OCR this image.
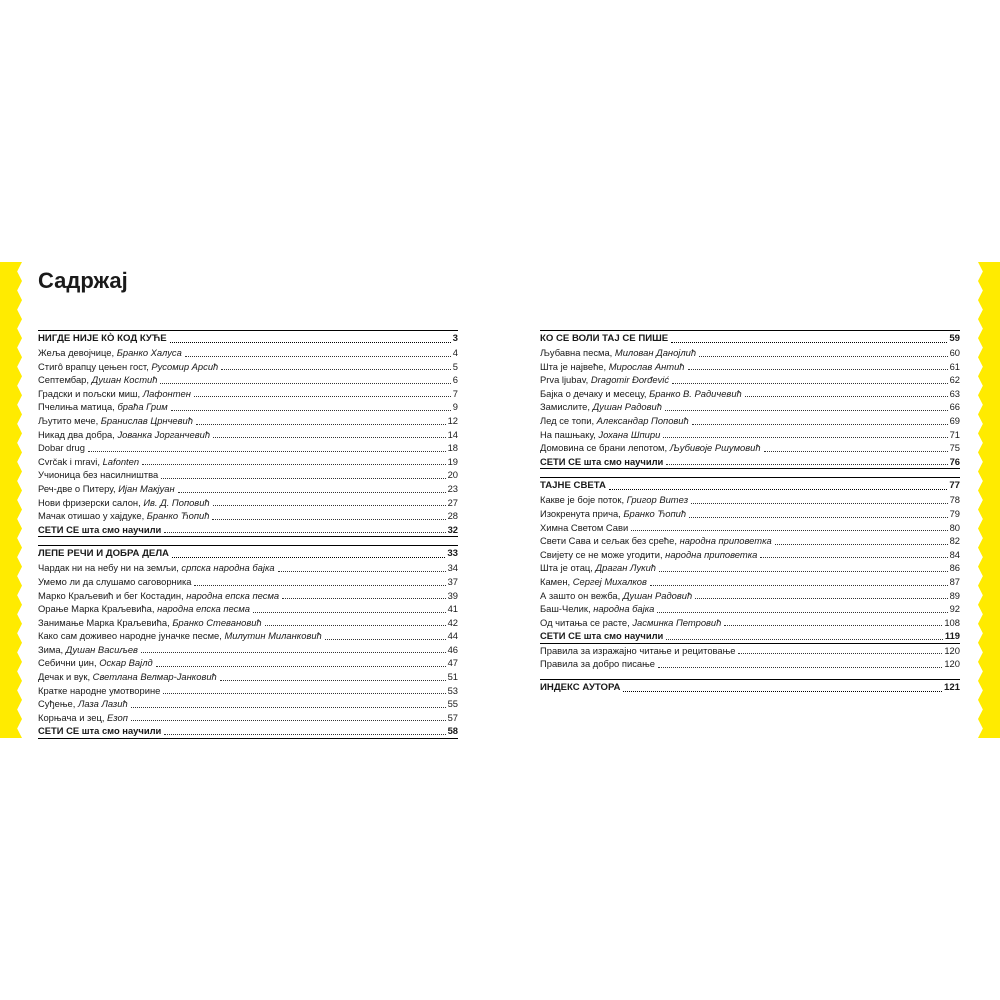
Садржај
НИГДЕ НИЈЕ КО̀ КОД КУЋЕ	3
Жеља девојчице, Бранко Халуса	4
Стигô врапцу цењен гост, Русомир Арсић	5
Септембар, Душан Костић	6
Градски и пољски миш, Лафонтен	7
Пчелиња матица, браћа Грим	9
Љутито мече, Бранислав Црнчевић	12
Никад два добра, Јованка Јорганчевић	14
Dobar drug	18
Cvrčak i mravi, Lafonten	19
Учионица без насилништва	20
Реч-две о Питеру, Иjан Макјуан	23
Нови фризерски салон, Ив. Д. Поповић	27
Мачак отишао у хајдуке, Бранко Ћопић	28
СЕТИ СЕ шта смо научили	32
ЛЕПЕ РЕЧИ И ДОБРА ДЕЛА	33
Чардак ни на небу ни на земљи, српска народна бајка	34
Умемо ли да слушамо саговорника	37
Марко Краљевић и бег Костадин, народна епска песма	39
Орање Марка Краљевића, народна епска песма	41
Занимање Марка Краљевића, Бранко Стевановић	42
Како сам доживео народне јуначке песме, Милутин Миланковић	44
Зима, Душан Васиљев	46
Себични џин, Оскар Вајлд	47
Дечак и вук, Светлана Велмар-Јанковић	51
Кратке народне умотворине	53
Суђење, Лаза Лазић	55
Корњача и зец, Езоп	57
СЕТИ СЕ шта смо научили	58
КО СЕ ВОЛИ ТАЈ СЕ ПИШЕ	59
Љубавна песма, Милован Данојлић	60
Шта је највеће, Мирослав Антић	61
Prva ljubav, Dragomir Đorđević	62
Бајка о дечаку и месецу, Бранко В. Радичевић	63
Замислите, Душан Радовић	66
Лед се топи, Александар Поповић	69
На пашњаку, Јохана Шпири	71
Домовина се брани лепотом, Љубивоје Ршумовић	75
СЕТИ СЕ шта смо научили	76
ТАЈНЕ СВЕТА	77
Какве је боје поток, Григор Витез	78
Изокренута прича, Бранко Ћопић	79
Химна Светом Сави	80
Свети Сава и сељак без среће, народна приповетка	82
Свијету се не може угодити, народна приповетка	84
Шта је отац, Драган Лукић	86
Камен, Сергеј Михалков	87
А зашто он вежба, Душан Радовић	89
Баш-Челик, народна бајка	92
Од читања се расте, Јасминка Петровић	108
СЕТИ СЕ шта смо научили	119
Правила за изражајно читање и рецитовање	120
Правила за добро писање	120
ИНДЕКС АУТОРА	121
